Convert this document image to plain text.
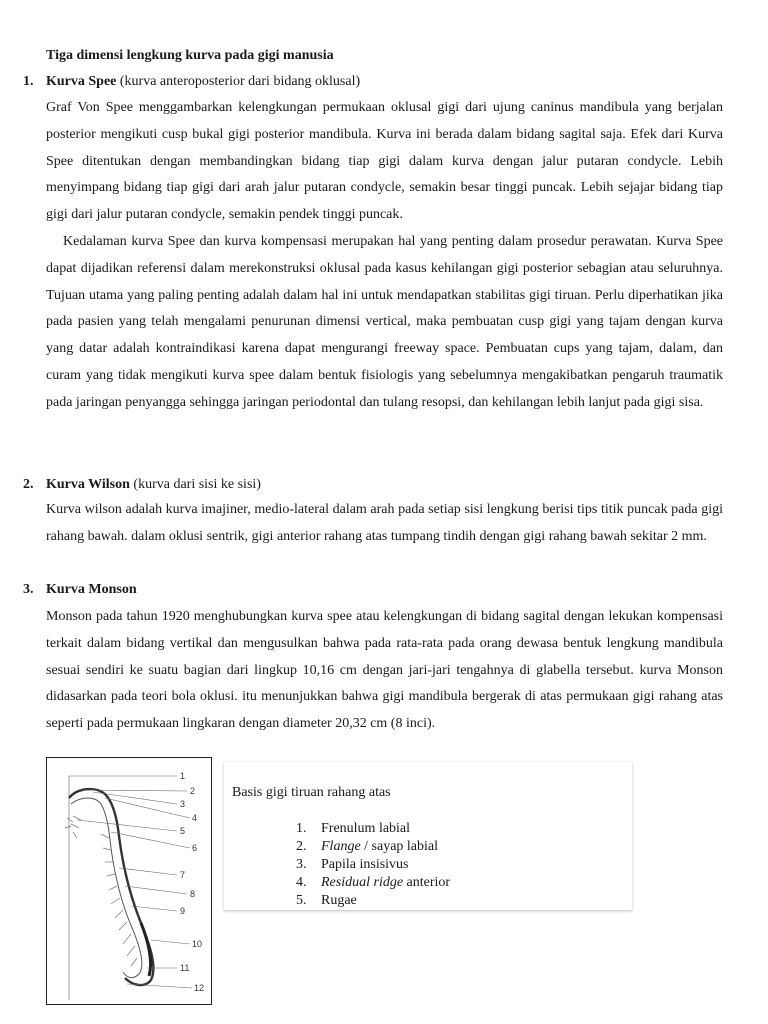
Tiga dimensi lengkung kurva pada gigi manusia
1. Kurva Spee (kurva anteroposterior dari bidang oklusal)

Graf Von Spee menggambarkan kelengkungan permukaan oklusal gigi dari ujung caninus mandibula yang berjalan posterior mengikuti cusp bukal gigi posterior mandibula. Kurva ini berada dalam bidang sagital saja. Efek dari Kurva Spee ditentukan dengan membandingkan bidang tiap gigi dalam kurva dengan jalur putaran condycle. Lebih menyimpang bidang tiap gigi dari arah jalur putaran condycle, semakin besar tinggi puncak. Lebih sejajar bidang tiap gigi dari jalur putaran condycle, semakin pendek tinggi puncak.

Kedalaman kurva Spee dan kurva kompensasi merupakan hal yang penting dalam prosedur perawatan. Kurva Spee dapat dijadikan referensi dalam merekonstruksi oklusal pada kasus kehilangan gigi posterior sebagian atau seluruhnya. Tujuan utama yang paling penting adalah dalam hal ini untuk mendapatkan stabilitas gigi tiruan. Perlu diperhatikan jika pada pasien yang telah mengalami penurunan dimensi vertical, maka pembuatan cusp gigi yang tajam dengan kurva yang datar adalah kontraindikasi karena dapat mengurangi freeway space. Pembuatan cups yang tajam, dalam, dan curam yang tidak mengikuti kurva spee dalam bentuk fisiologis yang sebelumnya mengakibatkan pengaruh traumatik pada jaringan penyangga sehingga jaringan periodontal dan tulang resopsi, dan kehilangan lebih lanjut pada gigi sisa.

2. Kurva Wilson (kurva dari sisi ke sisi)

Kurva wilson adalah kurva imajiner, medio-lateral dalam arah pada setiap sisi lengkung berisi tips titik puncak pada gigi rahang bawah. dalam oklusi sentrik, gigi anterior rahang atas tumpang tindih dengan gigi rahang bawah sekitar 2 mm.

3. Kurva Monson

Monson pada tahun 1920 menghubungkan kurva spee atau kelengkungan di bidang sagital dengan lekukan kompensasi terkait dalam bidang vertikal dan mengusulkan bahwa pada rata-rata pada orang dewasa bentuk lengkung mandibula sesuai sendiri ke suatu bagian dari lingkup 10,16 cm dengan jari-jari tengahnya di glabella tersebut. kurva Monson didasarkan pada teori bola oklusi. itu menunjukkan bahwa gigi mandibula bergerak di atas permukaan gigi rahang atas seperti pada permukaan lingkaran dengan diameter 20,32 cm (8 inci).

1
2
3
4
5
6
7
8
9
10
11
12
Basis gigi tiruan rahang atas
1.	Frenulum labial
2.	Flange / sayap labial
3.	Papila insisivus
4.	Residual ridge anterior
5.	Rugae
